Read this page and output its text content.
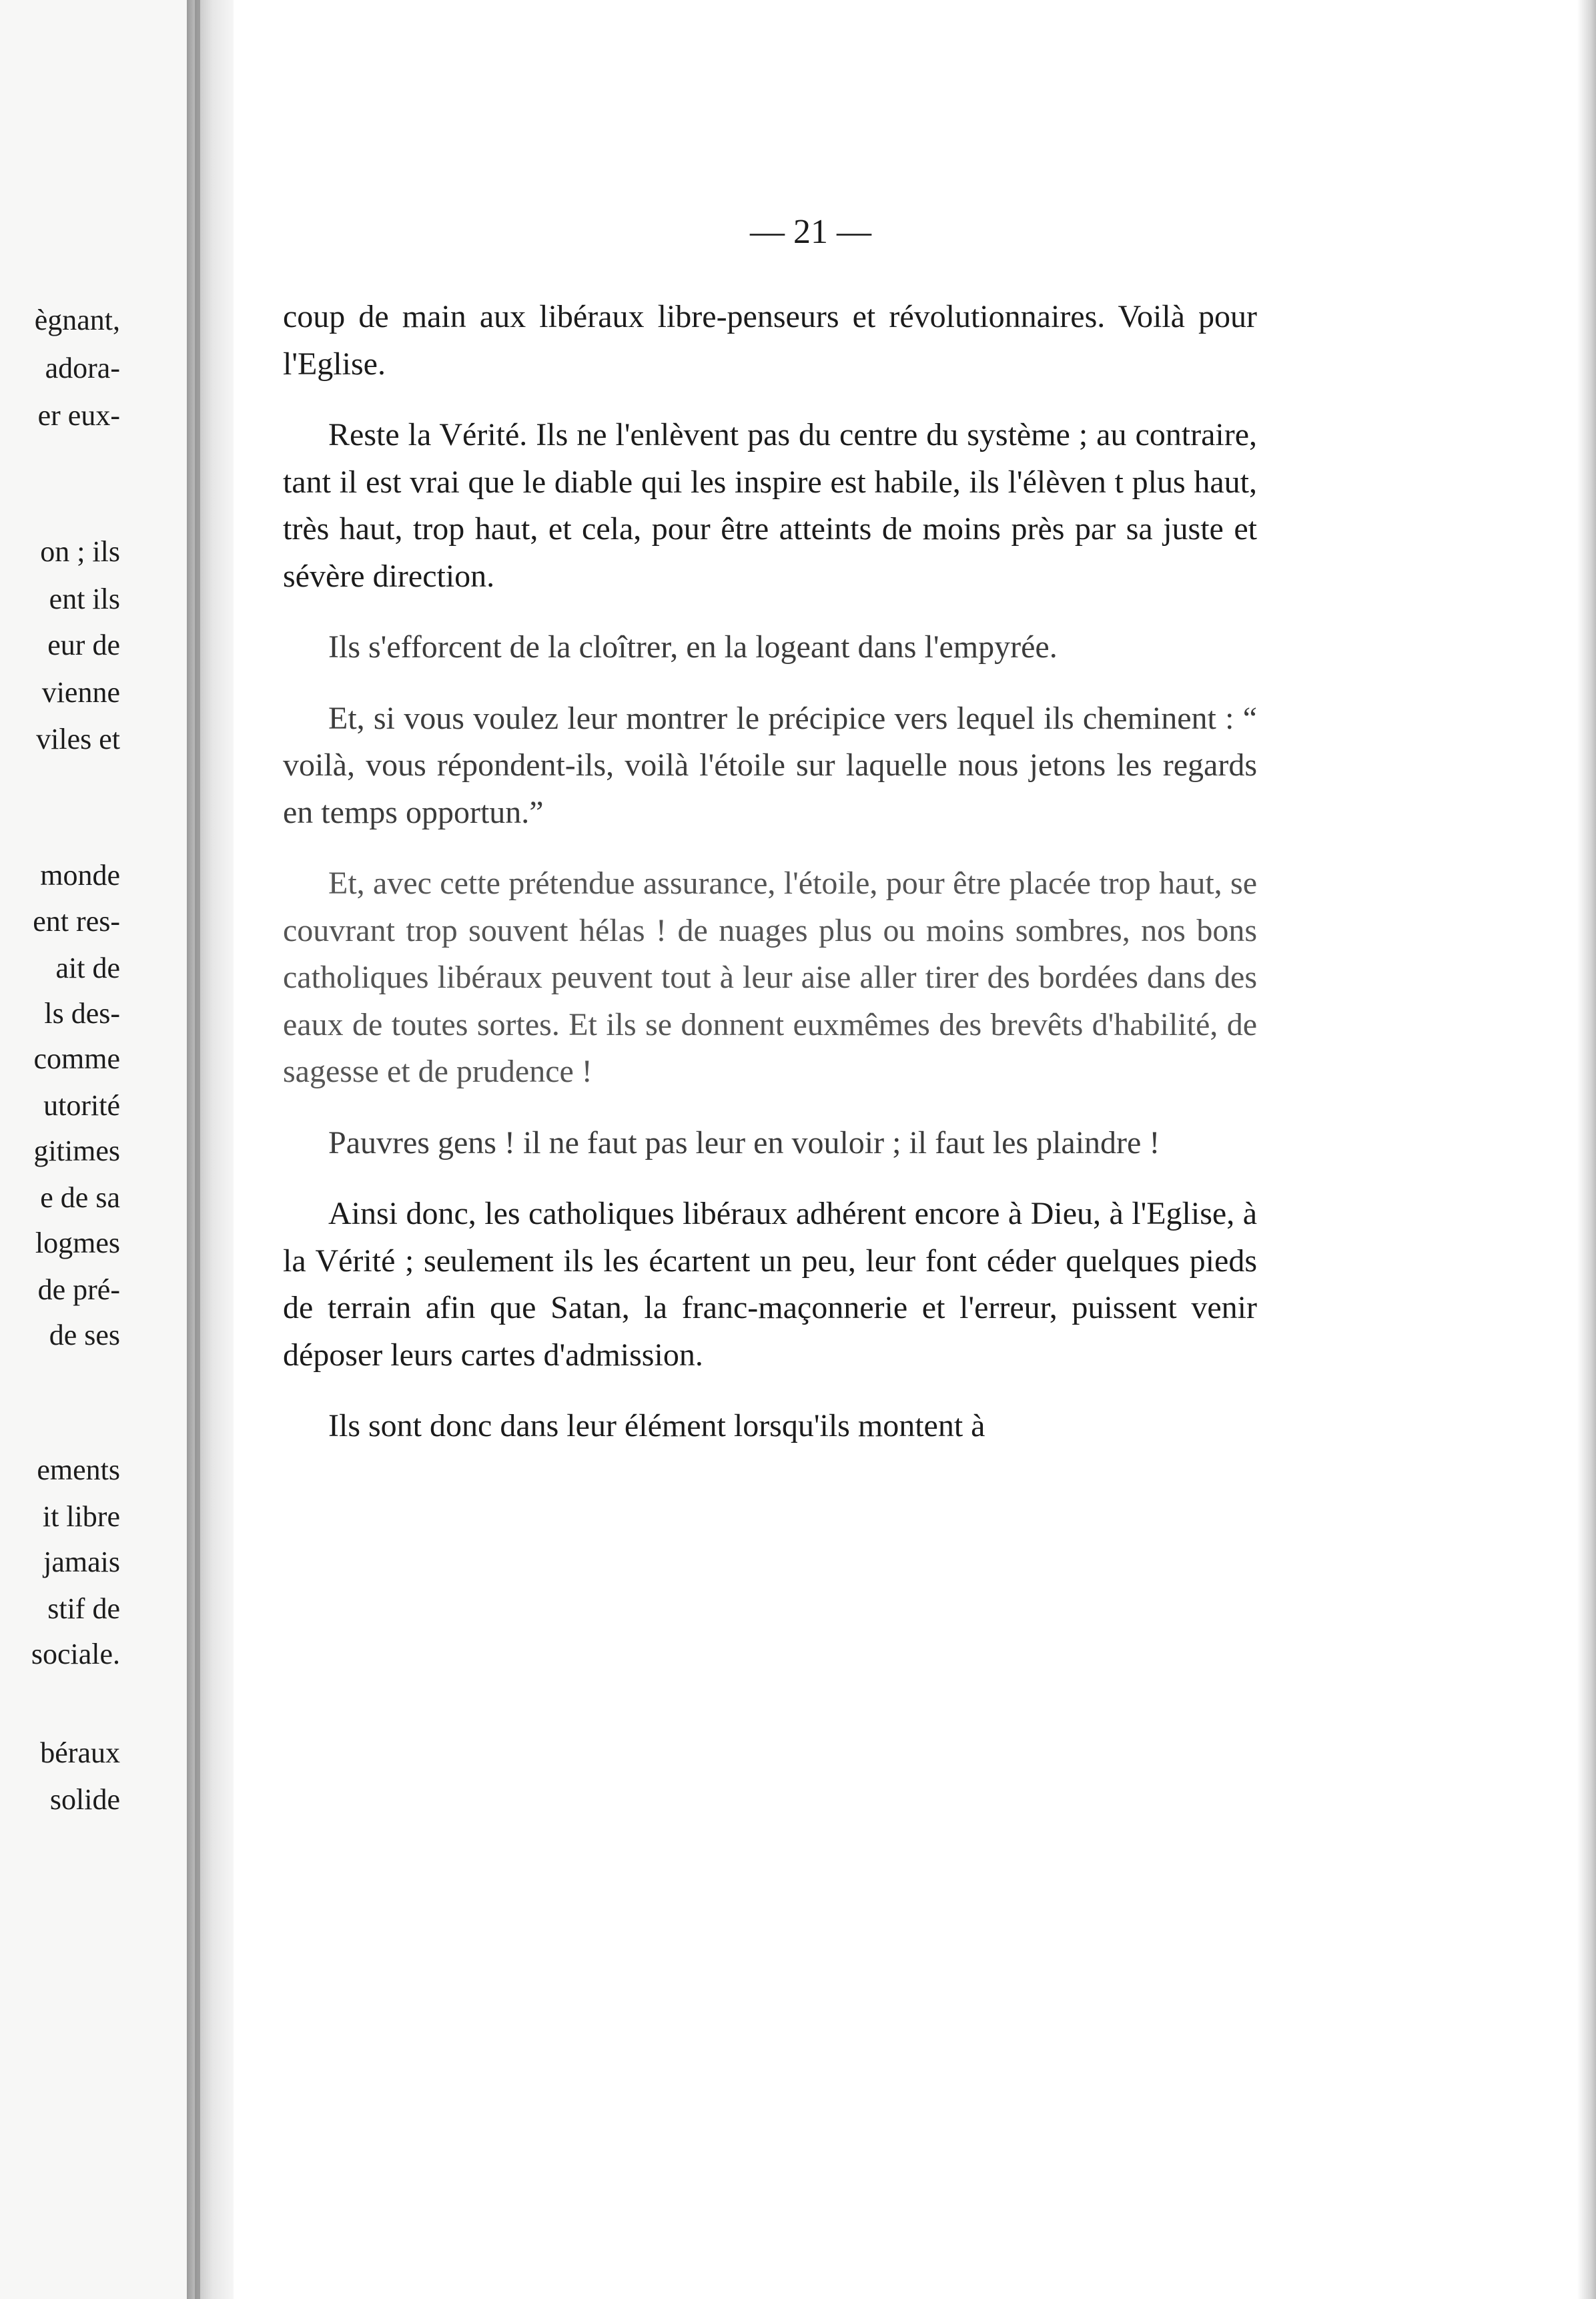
ègnant,
adora-
er eux-
on ; ils
ent ils
eur de
vienne
viles et
monde
ent res-
ait de
ls des-
comme
utorité
gitimes
e de sa
logmes
de pré-
de ses
ements
it libre
jamais
stif de
sociale.
béraux
solide
— 21 —

coup de main aux libéraux libre-penseurs et révolutionnaires. Voilà pour l'Eglise.

Reste la Vérité. Ils ne l'enlèvent pas du centre du système ; au contraire, tant il est vrai que le diable qui les inspire est habile, ils l'élèven t plus haut, très haut, trop haut, et cela, pour être atteints de moins près par sa juste et sévère direction.

Ils s'efforcent de la cloîtrer, en la logeant dans l'empyrée.

Et, si vous voulez leur montrer le précipice vers lequel ils cheminent : “ voilà, vous répondent-ils, voilà l'étoile sur laquelle nous jetons les regards en temps opportun.”

Et, avec cette prétendue assurance, l'étoile, pour être placée trop haut, se couvrant trop souvent hélas ! de nuages plus ou moins sombres, nos bons catholiques libéraux peuvent tout à leur aise aller tirer des bordées dans des eaux de toutes sortes. Et ils se donnent euxmêmes des brevêts d'habilité, de sagesse et de prudence !

Pauvres gens ! il ne faut pas leur en vouloir ; il faut les plaindre !

Ainsi donc, les catholiques libéraux adhérent encore à Dieu, à l'Eglise, à la Vérité ; seulement ils les écartent un peu, leur font céder quelques pieds de terrain afin que Satan, la franc-maçonnerie et l'erreur, puissent venir déposer leurs cartes d'admission.

Ils sont donc dans leur élément lorsqu'ils montent à
